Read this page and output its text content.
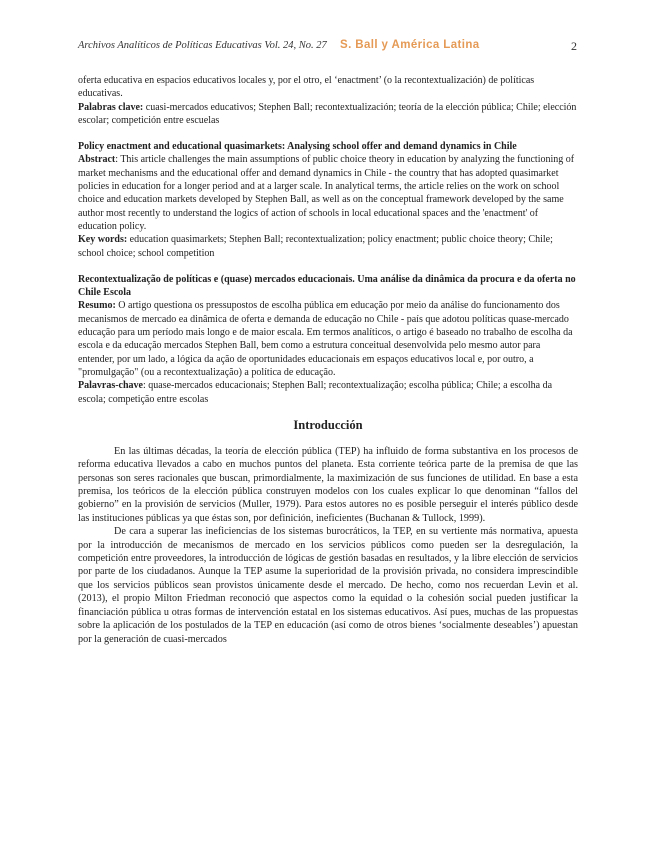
Archivos Analíticos de Políticas Educativas Vol. 24, No. 27 S. Ball y América Latina	2

oferta educativa en espacios educativos locales y, por el otro, el ‘enactment’ (o la recontextualización) de políticas educativas.

Palabras clave: cuasi-mercados educativos; Stephen Ball; recontextualización; teoría de la elección pública; Chile; elección escolar; competición entre escuelas

Policy enactment and educational quasimarkets: Analysing school offer and demand dynamics in Chile

Abstract: This article challenges the main assumptions of public choice theory in education by analyzing the functioning of market mechanisms and the educational offer and demand dynamics in Chile - the country that has adopted quasimarket policies in education for a longer period and at a larger scale. In analytical terms, the article relies on the work on school choice and education markets developed by Stephen Ball, as well as on the conceptual framework developed by the same author most recently to understand the logics of action of schools in local educational spaces and the 'enactment' of education policy.

Key words: education quasimarkets; Stephen Ball; recontextualization; policy enactment; public choice theory; Chile; school choice; school competition

Recontextualização de políticas e (quase) mercados educacionais. Uma análise da dinâmica da procura e da oferta no Chile Escola

Resumo: O artigo questiona os pressupostos de escolha pública em educação por meio da análise do funcionamento dos mecanismos de mercado ea dinâmica de oferta e demanda de educação no Chile - país que adotou políticas quase-mercado educação para um período mais longo e de maior escala. Em termos analíticos, o artigo é baseado no trabalho de escolha da escola e da educação mercados Stephen Ball, bem como a estrutura conceitual desenvolvida pelo mesmo autor para entender, por um lado, a lógica da ação de oportunidades educacionais em espaços educativos local e, por outro, a "promulgação" (ou a recontextualização) a política de educação.

Palavras-chave: quase-mercados educacionais; Stephen Ball; recontextualização; escolha pública; Chile; a escolha da escola; competição entre escolas

Introducción

En las últimas décadas, la teoría de elección pública (TEP) ha influido de forma substantiva en los procesos de reforma educativa llevados a cabo en muchos puntos del planeta. Esta corriente teórica parte de la premisa de que las personas son seres racionales que buscan, primordialmente, la maximización de sus funciones de utilidad. En base a esta premisa, los teóricos de la elección pública construyen modelos con los cuales explicar lo que denominan “fallos del gobierno” en la provisión de servicios (Muller, 1979). Para estos autores no es posible perseguir el interés público desde las instituciones públicas ya que éstas son, por definición, ineficientes (Buchanan & Tullock, 1999).

De cara a superar las ineficiencias de los sistemas burocráticos, la TEP, en su vertiente más normativa, apuesta por la introducción de mecanismos de mercado en los servicios públicos como pueden ser la desregulación, la competición entre proveedores, la introducción de lógicas de gestión basadas en resultados, y la libre elección de servicios por parte de los ciudadanos. Aunque la TEP asume la superioridad de la provisión privada, no considera imprescindible que los servicios públicos sean provistos únicamente desde el mercado. De hecho, como nos recuerdan Levin et al. (2013), el propio Milton Friedman reconoció que aspectos como la equidad o la cohesión social pueden justificar la financiación pública u otras formas de intervención estatal en los sistemas educativos. Así pues, muchas de las propuestas sobre la aplicación de los postulados de la TEP en educación (así como de otros bienes ‘socialmente deseables’) apuestan por la generación de cuasi-mercados
